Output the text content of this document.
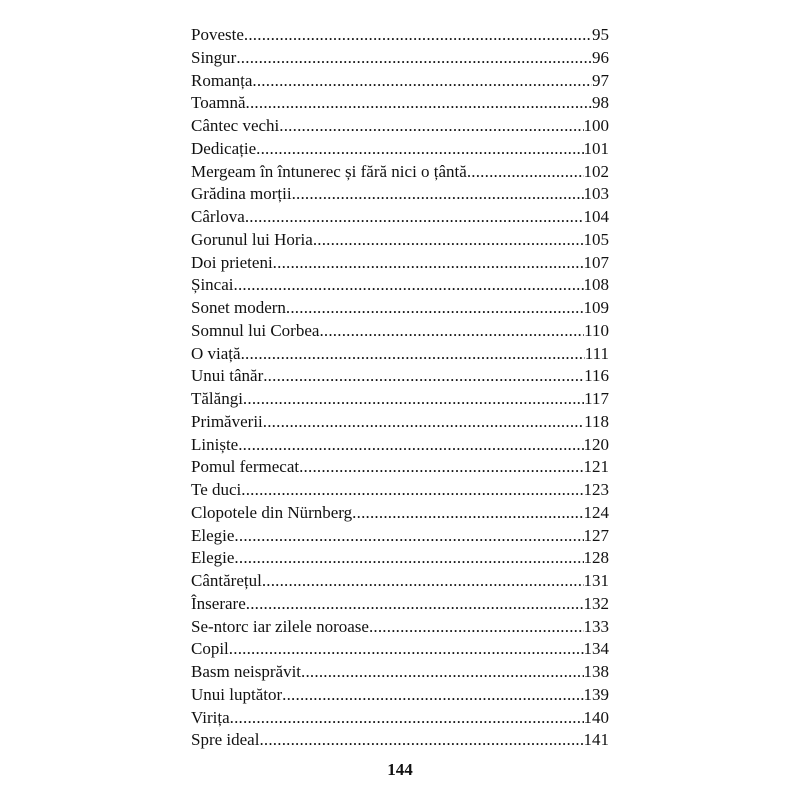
Poveste .....	95
Singur .....	96
Romanța .....	97
Toamnă .....	98
Cântec vechi .....	100
Dedicație .....	101
Mergeam în întunerec și fără nici o țântă .....	102
Grădina morții .....	103
Cârlova .....	104
Gorunul lui Horia .....	105
Doi prieteni .....	107
Șincai .....	108
Sonet modern .....	109
Somnul lui Corbea .....	110
O viață .....	111
Unui tânăr .....	116
Tălăngi .....	117
Primăverii .....	118
Liniște .....	120
Pomul fermecat .....	121
Te duci .....	123
Clopotele din Nürnberg .....	124
Elegie .....	127
Elegie .....	128
Cântărețul .....	131
Înserare .....	132
Se-ntorc iar zilele noroase .....	133
Copil .....	134
Basm neisprăvit .....	138
Unui luptător .....	139
Virița .....	140
Spre ideal .....	141
144
